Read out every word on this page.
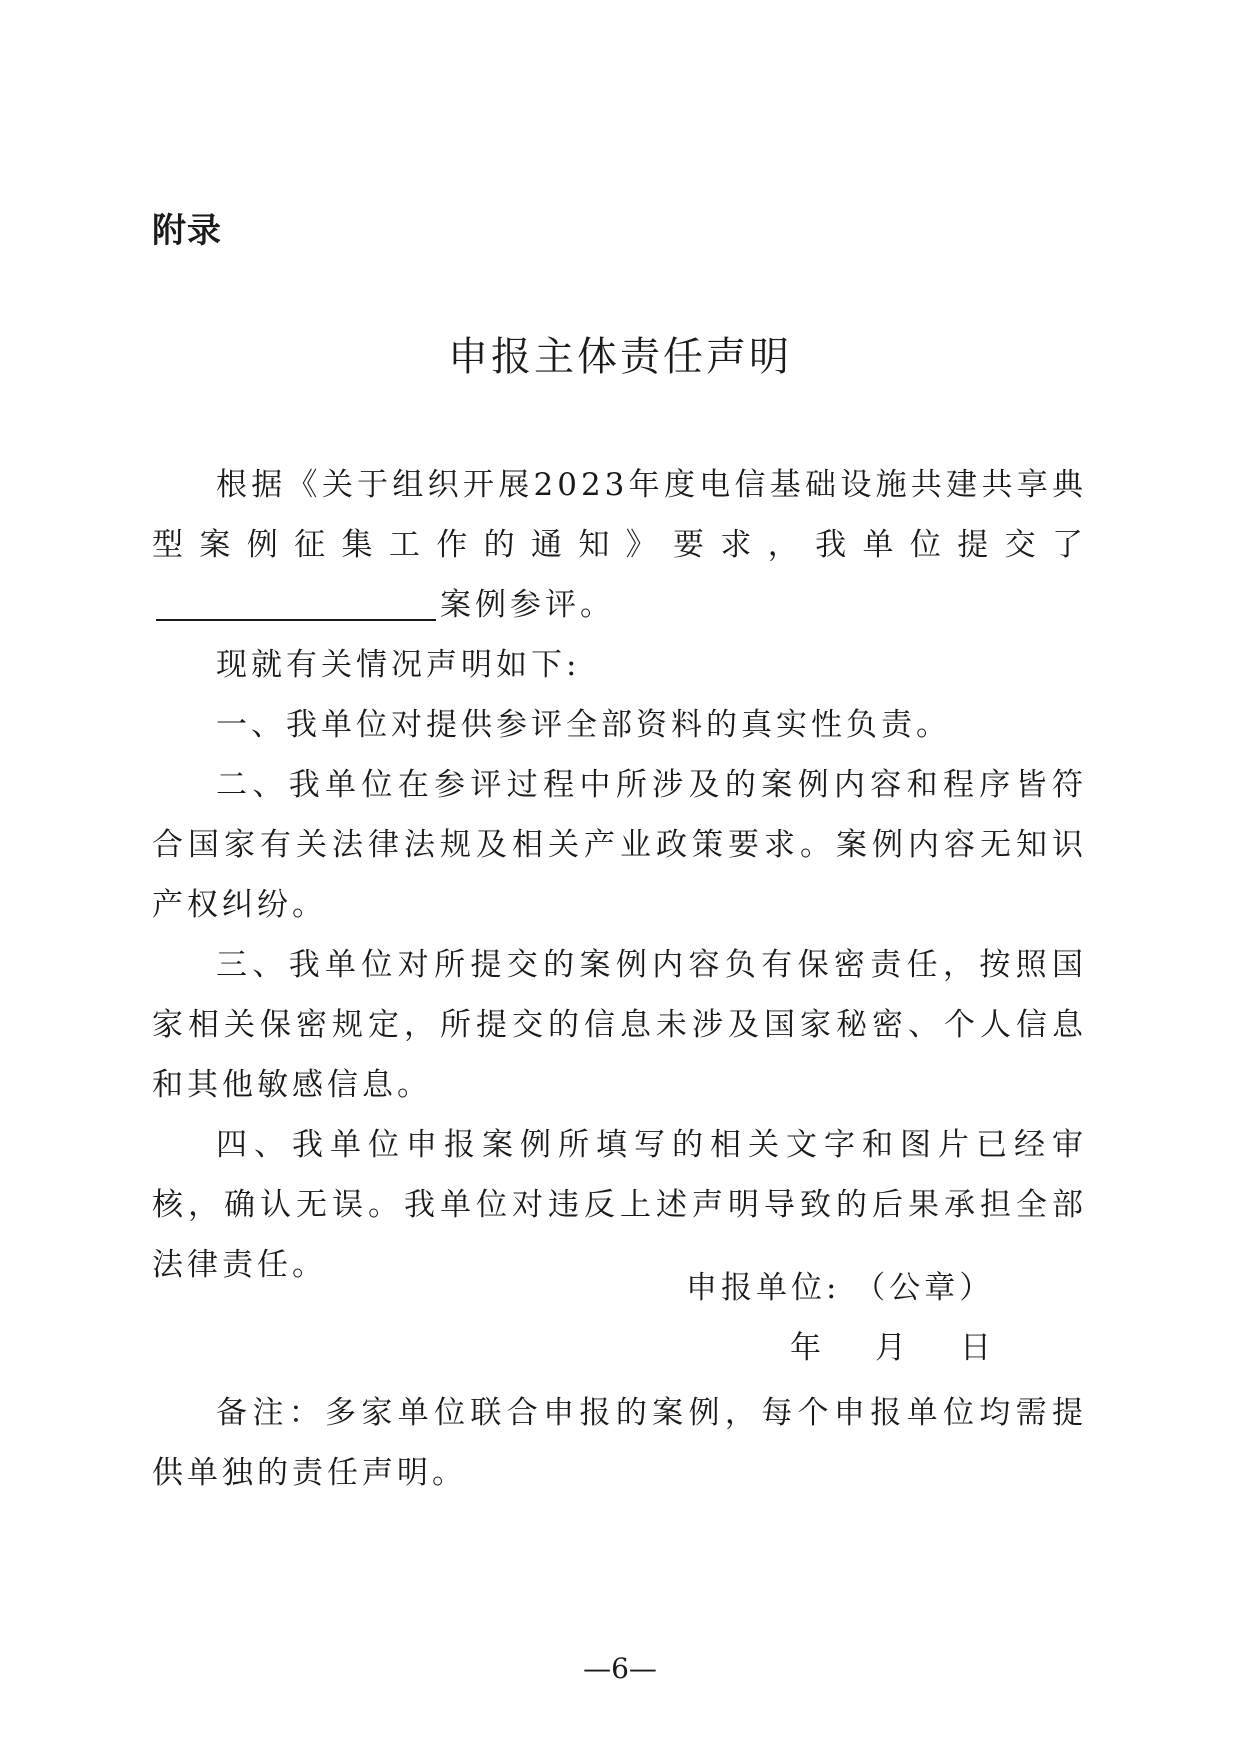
附录
申报主体责任声明

根据《关于组织开展2023年度电信基础设施共建共享典型案例征集工作的通知》要求，我单位提交了案例参评。

现就有关情况声明如下:

一、我单位对提供参评全部资料的真实性负责。

二、我单位在参评过程中所涉及的案例内容和程序皆符合国家有关法律法规及相关产业政策要求。案例内容无知识产权纠纷。

三、我单位对所提交的案例内容负有保密责任，按照国家相关保密规定，所提交的信息未涉及国家秘密、个人信息和其他敏感信息。

四、我单位申报案例所填写的相关文字和图片已经审核，确认无误。我单位对违反上述声明导致的后果承担全部法律责任。

申报单位: （公章）
年 月 日

备注：多家单位联合申报的案例，每个申报单位均需提供单独的责任声明。

—6—
